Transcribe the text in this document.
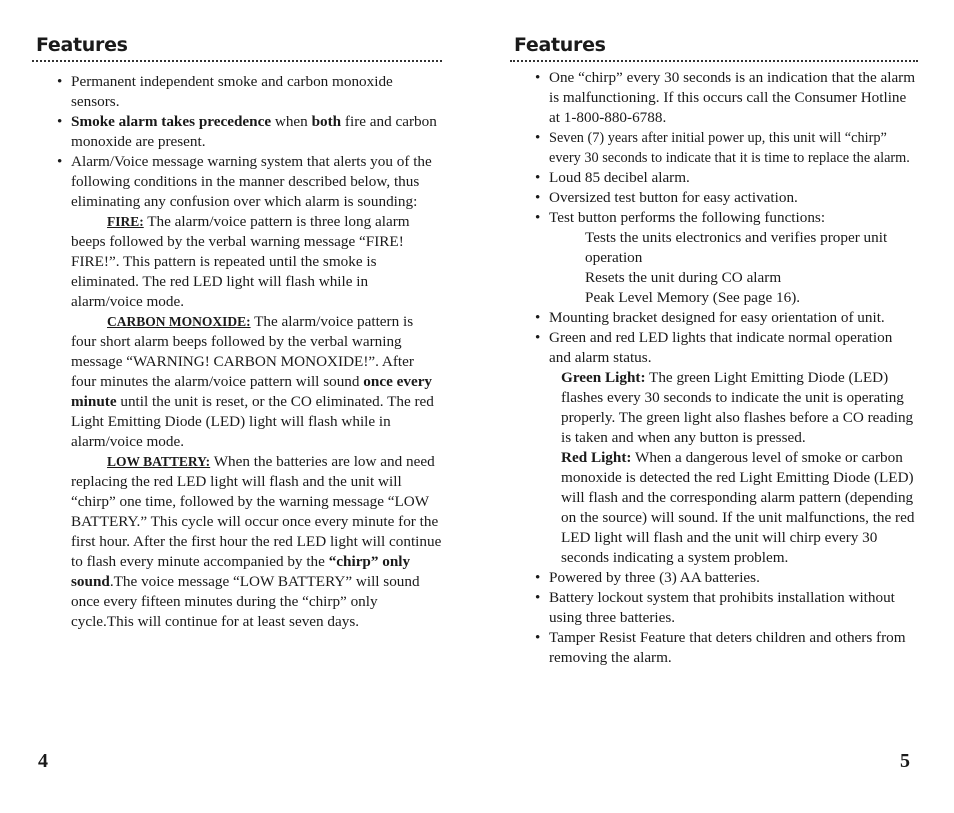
Features
• Permanent independent smoke and carbon monoxide sensors.
• Smoke alarm takes precedence when both fire and carbon monoxide are present.
• Alarm/Voice message warning system that alerts you of the following conditions in the manner described below, thus eliminating any confusion over which alarm is sounding:

FIRE: The alarm/voice pattern is three long alarm beeps followed by the verbal warning message “FIRE! FIRE!”. This pattern is repeated until the smoke is eliminated. The red LED light will flash while in alarm/voice mode.

CARBON MONOXIDE: The alarm/voice pattern is four short alarm beeps followed by the verbal warning message “WARNING! CARBON MONOXIDE!”. After four minutes the alarm/voice pattern will sound once every minute until the unit is reset, or the CO eliminated. The red Light Emitting Diode (LED) light will flash while in alarm/voice mode.

LOW BATTERY: When the batteries are low and need replacing the red LED light will flash and the unit will “chirp” one time, followed by the warning message “LOW BATTERY.” This cycle will occur once every minute for the first hour. After the first hour the red LED light will continue to flash every minute accompanied by the “chirp” only sound.The voice message “LOW BATTERY” will sound once every fifteen minutes during the “chirp” only cycle.This will continue for at least seven days.

4
Features
• One “chirp” every 30 seconds is an indication that the alarm is malfunctioning. If this occurs call the Consumer Hotline at 1-800-880-6788.
• Seven (7) years after initial power up, this unit will “chirp” every 30 seconds to indicate that it is time to replace the alarm.
• Loud 85 decibel alarm.
• Oversized test button for easy activation.
• Test button performs the following functions:
Tests the units electronics and verifies proper unit operation
Resets the unit during CO alarm
Peak Level Memory (See page 16).
• Mounting bracket designed for easy orientation of unit.
• Green and red LED lights that indicate normal operation and alarm status.

Green Light: The green Light Emitting Diode (LED) flashes every 30 seconds to indicate the unit is operating properly. The green light also flashes before a CO reading is taken and when any button is pressed.

Red Light: When a dangerous level of smoke or carbon monoxide is detected the red Light Emitting Diode (LED) will flash and the corresponding alarm pattern (depending on the source) will sound. If the unit malfunctions, the red LED light will flash and the unit will chirp every 30 seconds indicating a system problem.

• Powered by three (3) AA batteries.
• Battery lockout system that prohibits installation without using three batteries.
• Tamper Resist Feature that deters children and others from removing the alarm.
5
